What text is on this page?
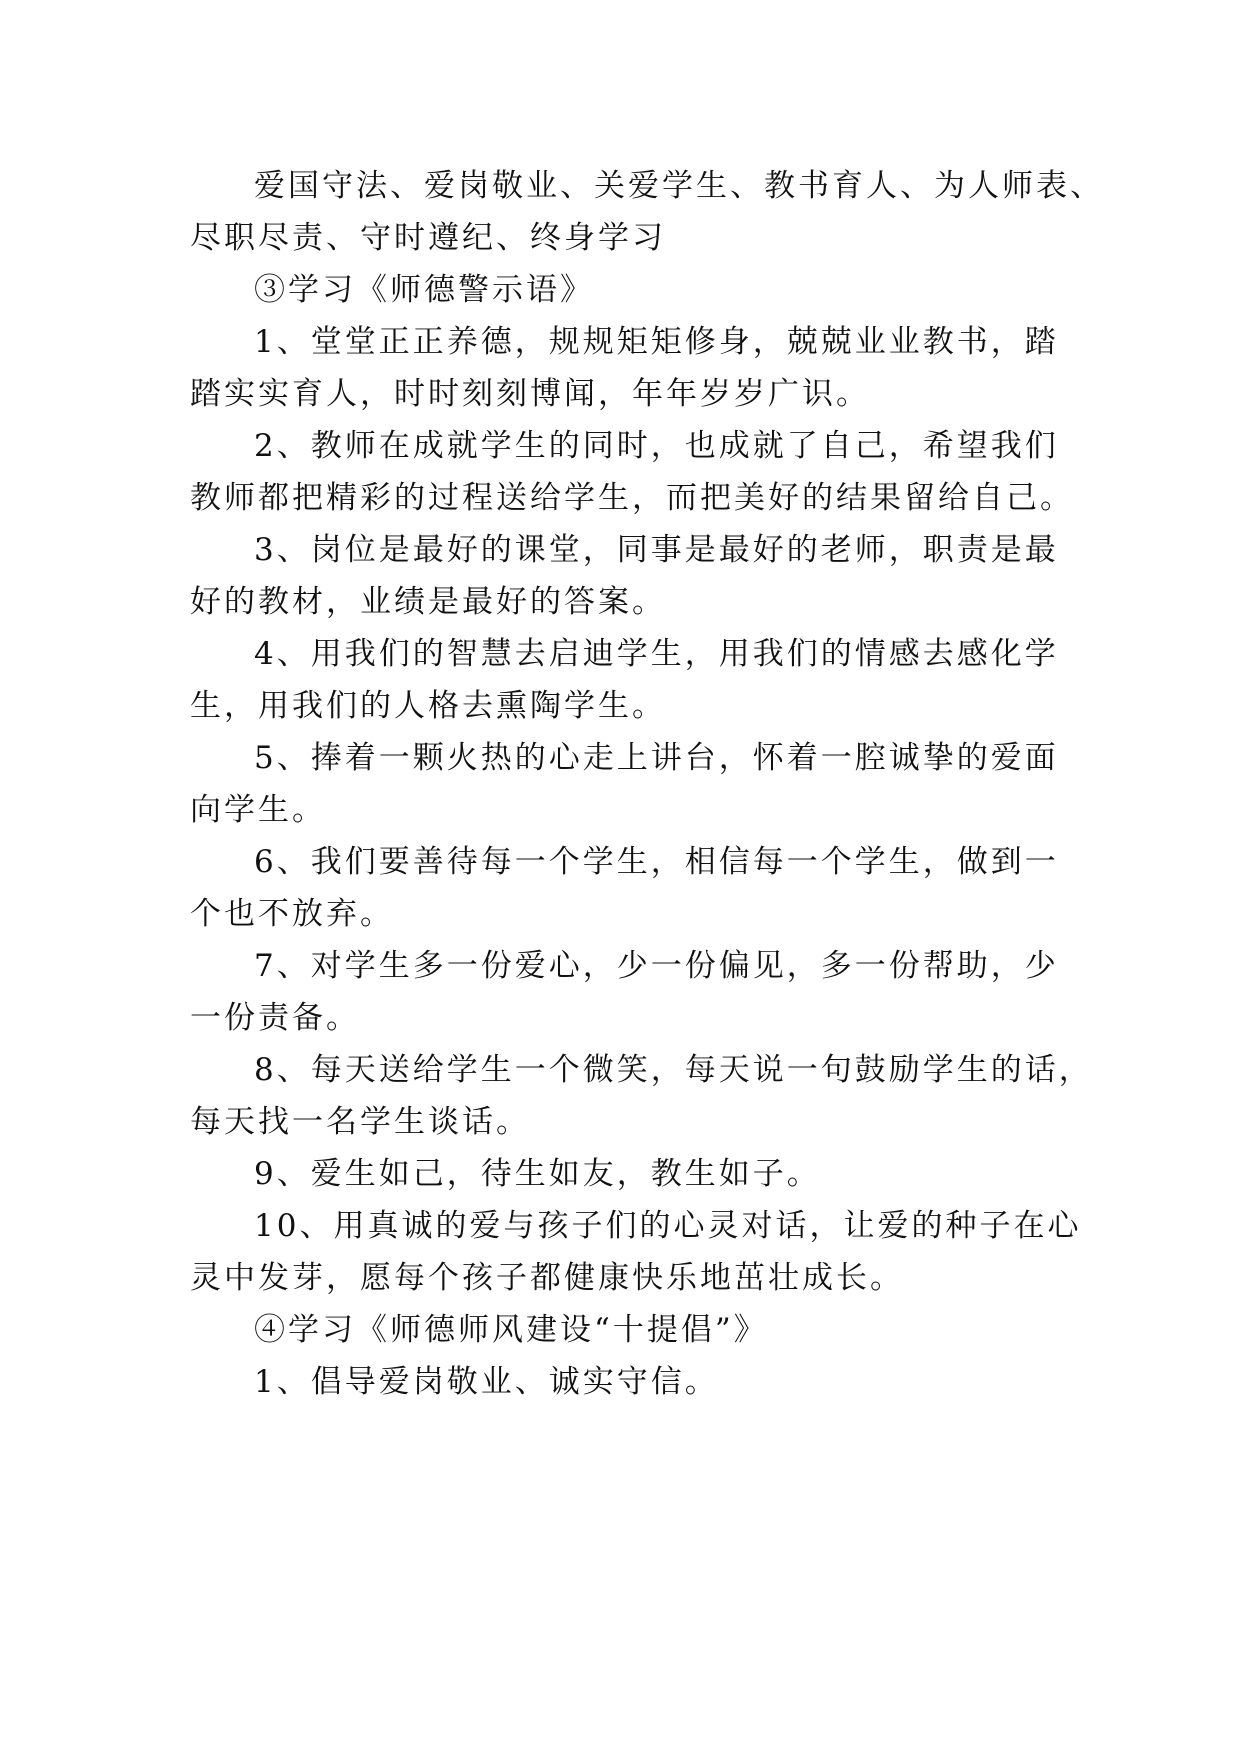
爱国守法、爱岗敬业、关爱学生、教书育人、为人师表、
尽职尽责、守时遵纪、终身学习
③学习《师德警示语》
1、堂堂正正养德，规规矩矩修身，兢兢业业教书，踏
踏实实育人，时时刻刻博闻，年年岁岁广识。
2、教师在成就学生的同时，也成就了自己，希望我们
教师都把精彩的过程送给学生，而把美好的结果留给自己。
3、岗位是最好的课堂，同事是最好的老师，职责是最
好的教材，业绩是最好的答案。
4、用我们的智慧去启迪学生，用我们的情感去感化学
生，用我们的人格去熏陶学生。
5、捧着一颗火热的心走上讲台，怀着一腔诚挚的爱面
向学生。
6、我们要善待每一个学生，相信每一个学生，做到一
个也不放弃。
7、对学生多一份爱心，少一份偏见，多一份帮助，少
一份责备。
8、每天送给学生一个微笑，每天说一句鼓励学生的话，
每天找一名学生谈话。
9、爱生如己，待生如友，教生如子。
10、用真诚的爱与孩子们的心灵对话，让爱的种子在心
灵中发芽，愿每个孩子都健康快乐地茁壮成长。
④学习《师德师风建设“十提倡”》
1、倡导爱岗敬业、诚实守信。
